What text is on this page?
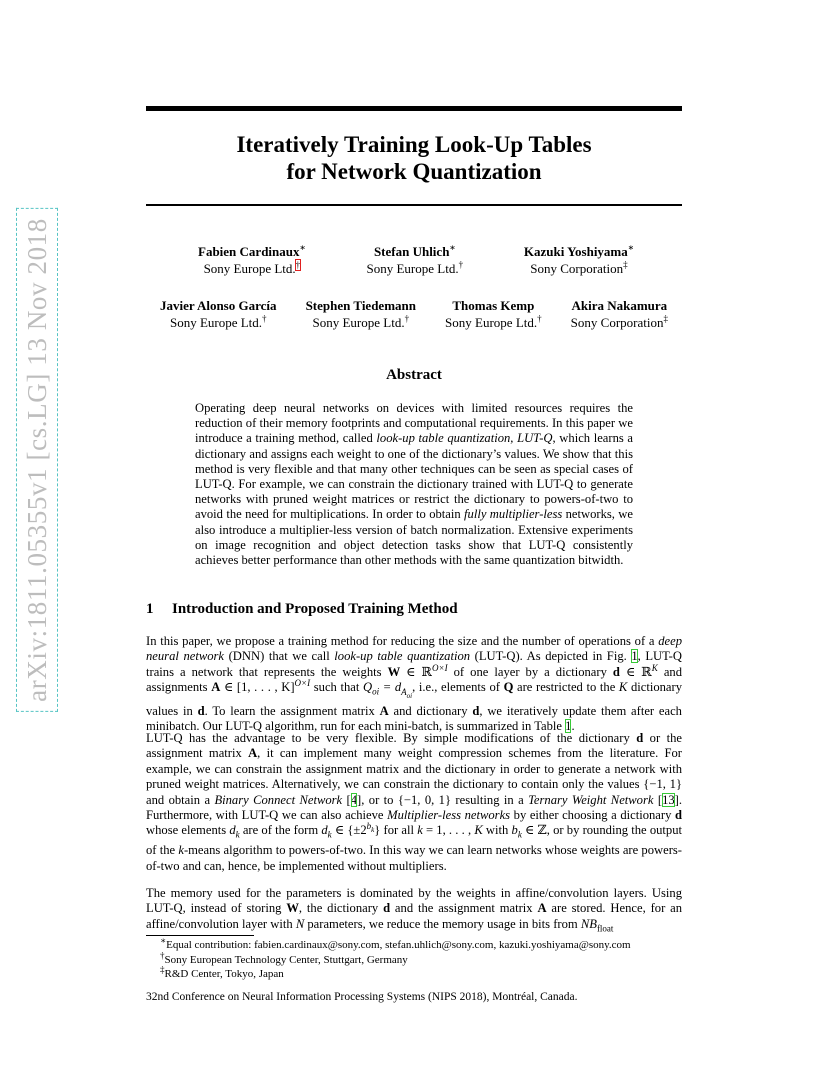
arXiv:1811.05355v1 [cs.LG] 13 Nov 2018
Iteratively Training Look-Up Tables
for Network Quantization
Fabien Cardinaux∗
Sony Europe Ltd.†
Stefan Uhlich∗
Sony Europe Ltd.†
Kazuki Yoshiyama∗
Sony Corporation‡
Javier Alonso García
Sony Europe Ltd.†
Stephen Tiedemann
Sony Europe Ltd.†
Thomas Kemp
Sony Europe Ltd.†
Akira Nakamura
Sony Corporation‡
Abstract

Operating deep neural networks on devices with limited resources requires the reduction of their memory footprints and computational requirements. In this paper we introduce a training method, called look-up table quantization, LUT-Q, which learns a dictionary and assigns each weight to one of the dictionary’s values. We show that this method is very flexible and that many other techniques can be seen as special cases of LUT-Q. For example, we can constrain the dictionary trained with LUT-Q to generate networks with pruned weight matrices or restrict the dictionary to powers-of-two to avoid the need for multiplications. In order to obtain fully multiplier-less networks, we also introduce a multiplier-less version of batch normalization. Extensive experiments on image recognition and object detection tasks show that LUT-Q consistently achieves better performance than other methods with the same quantization bitwidth.

1 Introduction and Proposed Training Method

In this paper, we propose a training method for reducing the size and the number of operations of a deep neural network (DNN) that we call look-up table quantization (LUT-Q). As depicted in Fig. 1, LUT-Q trains a network that represents the weights W ∈ ℝ$^{O\times I}$ of one layer by a dictionary d ∈ ℝ$^K$ and assignments A ∈ [1, . . . , K]$^{O\times I}$ such that $Q_{oi} = d_{A_{oi}}$, i.e., elements of Q are restricted to the K dictionary values in d. To learn the assignment matrix A and dictionary d, we iteratively update them after each minibatch. Our LUT-Q algorithm, run for each mini-batch, is summarized in Table 1.

LUT-Q has the advantage to be very flexible. By simple modifications of the dictionary d or the assignment matrix A, it can implement many weight compression schemes from the literature. For example, we can constrain the assignment matrix and the dictionary in order to generate a network with pruned weight matrices. Alternatively, we can constrain the dictionary to contain only the values {−1, 1} and obtain a Binary Connect Network [4], or to {−1, 0, 1} resulting in a Ternary Weight Network [13]. Furthermore, with LUT-Q we can also achieve Multiplier-less networks by either choosing a dictionary d whose elements $d_k$ are of the form $d_k$ ∈ $\{\pm 2^{b_k}\}$ for all k = 1, . . . , K with $b_k$ ∈ ℤ, or by rounding the output of the k-means algorithm to powers-of-two. In this way we can learn networks whose weights are powers-of-two and can, hence, be implemented without multipliers.

The memory used for the parameters is dominated by the weights in affine/convolution layers. Using LUT-Q, instead of storing W, the dictionary d and the assignment matrix A are stored. Hence, for an affine/convolution layer with N parameters, we reduce the memory usage in bits from $NB_{float}$

∗Equal contribution: fabien.cardinaux@sony.com, stefan.uhlich@sony.com, kazuki.yoshiyama@sony.com
†Sony European Technology Center, Stuttgart, Germany
‡R&D Center, Tokyo, Japan
32nd Conference on Neural Information Processing Systems (NIPS 2018), Montréal, Canada.
